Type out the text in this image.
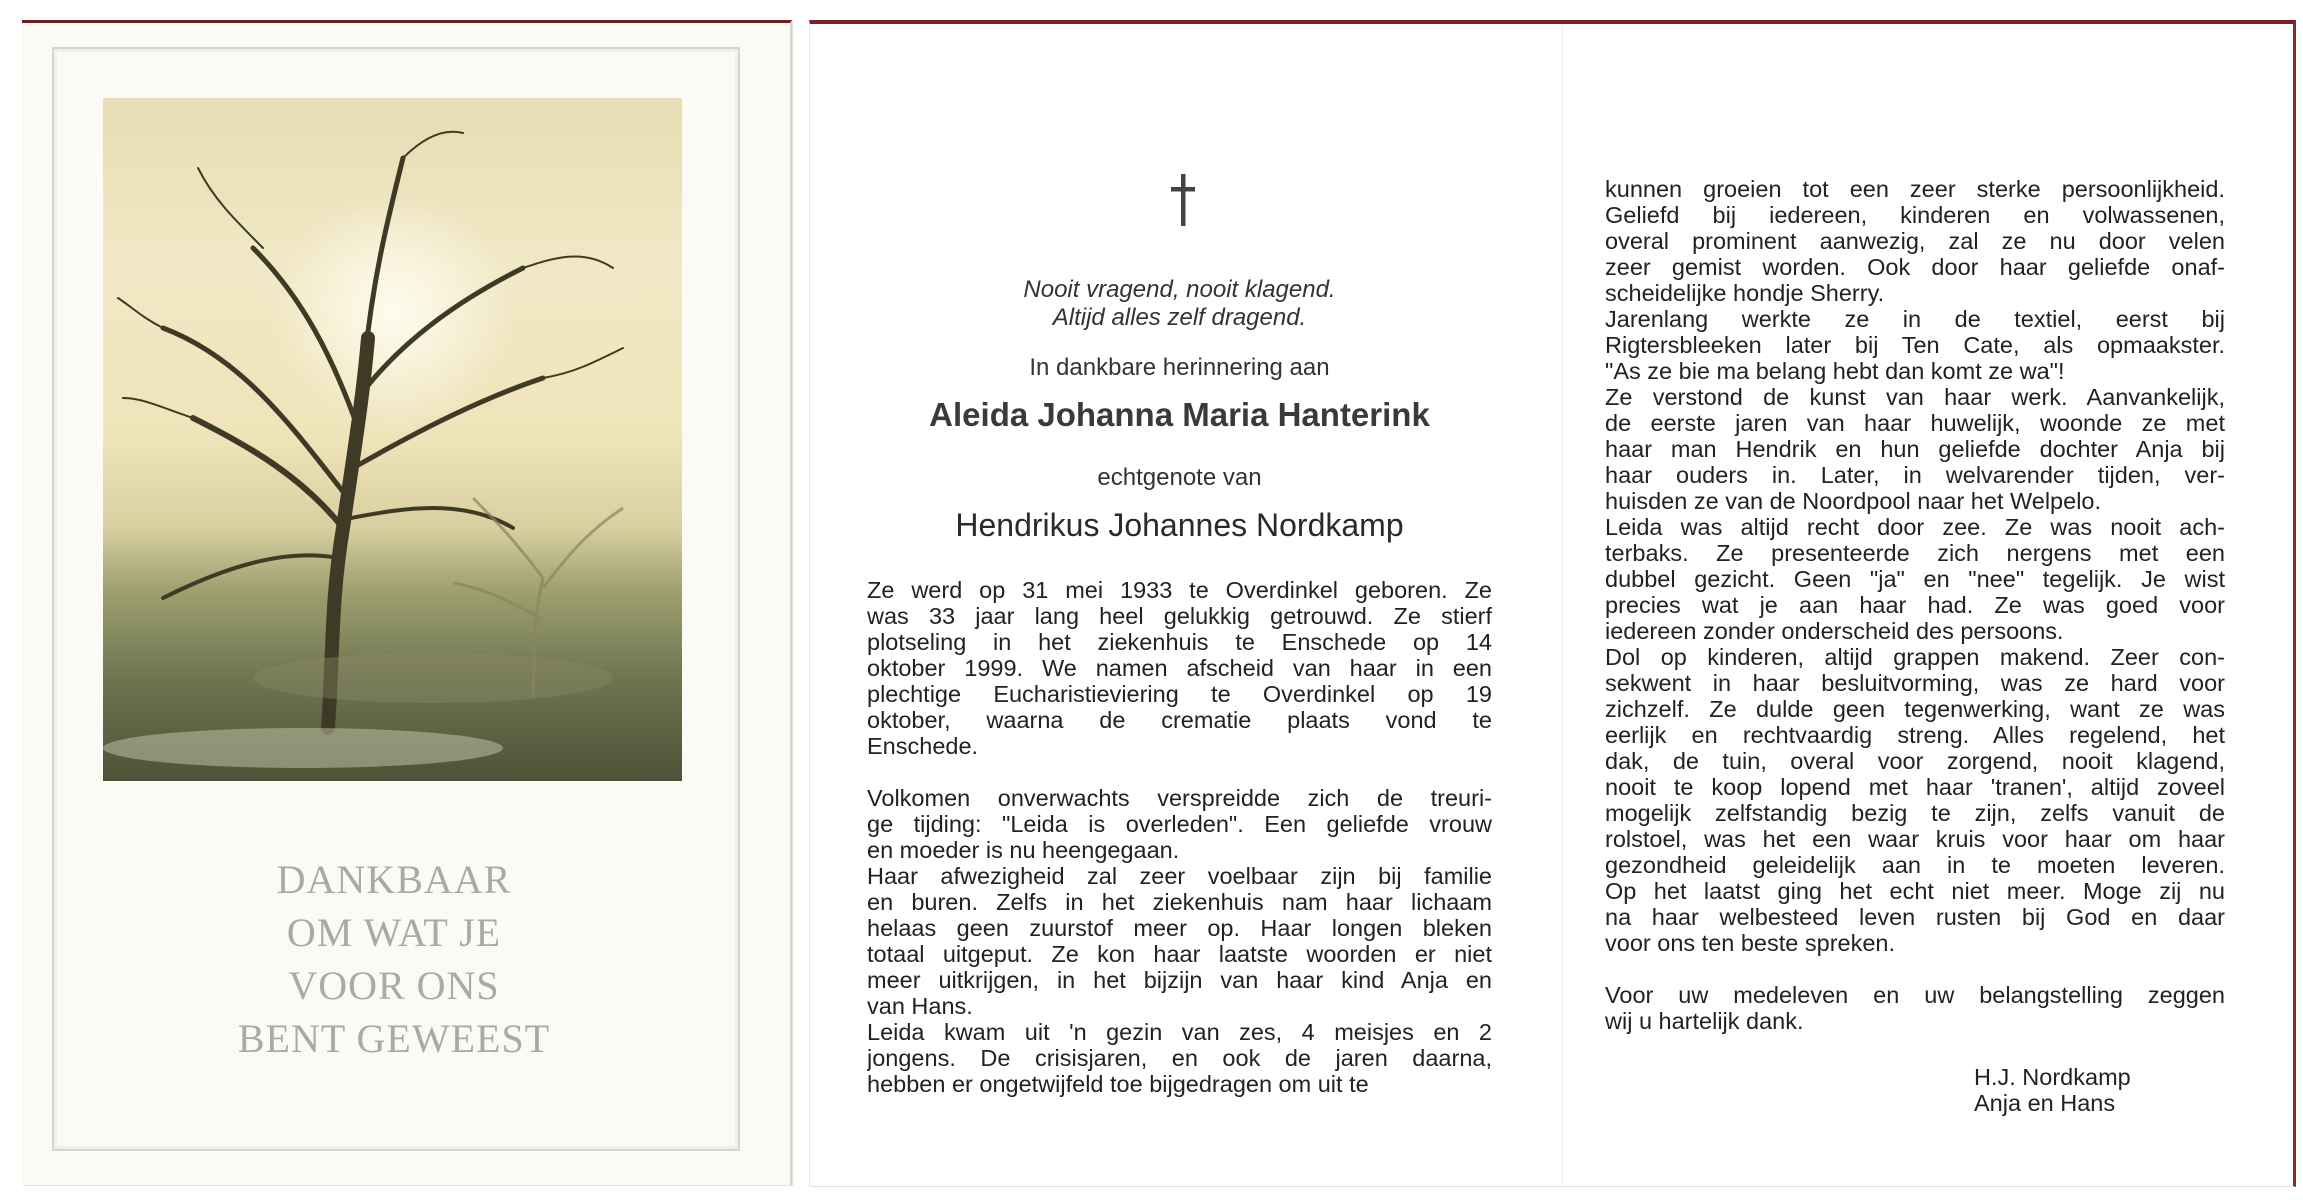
DANKBAAR
OM WAT JE
VOOR ONS
BENT GEWEEST
Nooit vragend, nooit klagend.
Altijd alles zelf dragend.
In dankbare herinnering aan
Aleida Johanna Maria Hanterink
echtgenote van
Hendrikus Johannes Nordkamp
Ze werd op 31 mei 1933 te Overdinkel geboren. Ze
was 33 jaar lang heel gelukkig getrouwd. Ze stierf
plotseling in het ziekenhuis te Enschede op 14
oktober 1999. We namen afscheid van haar in een
plechtige Eucharistieviering te Overdinkel op 19
oktober, waarna de crematie plaats vond te
Enschede.
Volkomen onverwachts verspreidde zich de treuri-
ge tijding: "Leida is overleden". Een geliefde vrouw
en moeder is nu heengegaan.
Haar afwezigheid zal zeer voelbaar zijn bij familie
en buren. Zelfs in het ziekenhuis nam haar lichaam
helaas geen zuurstof meer op. Haar longen bleken
totaal uitgeput. Ze kon haar laatste woorden er niet
meer uitkrijgen, in het bijzijn van haar kind Anja en
van Hans.
Leida kwam uit 'n gezin van zes, 4 meisjes en 2
jongens. De crisisjaren, en ook de jaren daarna,
hebben er ongetwijfeld toe bijgedragen om uit te
kunnen groeien tot een zeer sterke persoonlijkheid.
Geliefd bij iedereen, kinderen en volwassenen,
overal prominent aanwezig, zal ze nu door velen
zeer gemist worden. Ook door haar geliefde onaf-
scheidelijke hondje Sherry.
Jarenlang werkte ze in de textiel, eerst bij
Rigtersbleeken later bij Ten Cate, als opmaakster.
"As ze bie ma belang hebt dan komt ze wa"!
Ze verstond de kunst van haar werk. Aanvankelijk,
de eerste jaren van haar huwelijk, woonde ze met
haar man Hendrik en hun geliefde dochter Anja bij
haar ouders in. Later, in welvarender tijden, ver-
huisden ze van de Noordpool naar het Welpelo.
Leida was altijd recht door zee. Ze was nooit ach-
terbaks. Ze presenteerde zich nergens met een
dubbel gezicht. Geen "ja" en "nee" tegelijk. Je wist
precies wat je aan haar had. Ze was goed voor
iedereen zonder onderscheid des persoons.
Dol op kinderen, altijd grappen makend. Zeer con-
sekwent in haar besluitvorming, was ze hard voor
zichzelf. Ze dulde geen tegenwerking, want ze was
eerlijk en rechtvaardig streng. Alles regelend, het
dak, de tuin, overal voor zorgend, nooit klagend,
nooit te koop lopend met haar 'tranen', altijd zoveel
mogelijk zelfstandig bezig te zijn, zelfs vanuit de
rolstoel, was het een waar kruis voor haar om haar
gezondheid geleidelijk aan in te moeten leveren.
Op het laatst ging het echt niet meer. Moge zij nu
na haar welbesteed leven rusten bij God en daar
voor ons ten beste spreken.
Voor uw medeleven en uw belangstelling zeggen
wij u hartelijk dank.
H.J. Nordkamp
Anja en Hans
